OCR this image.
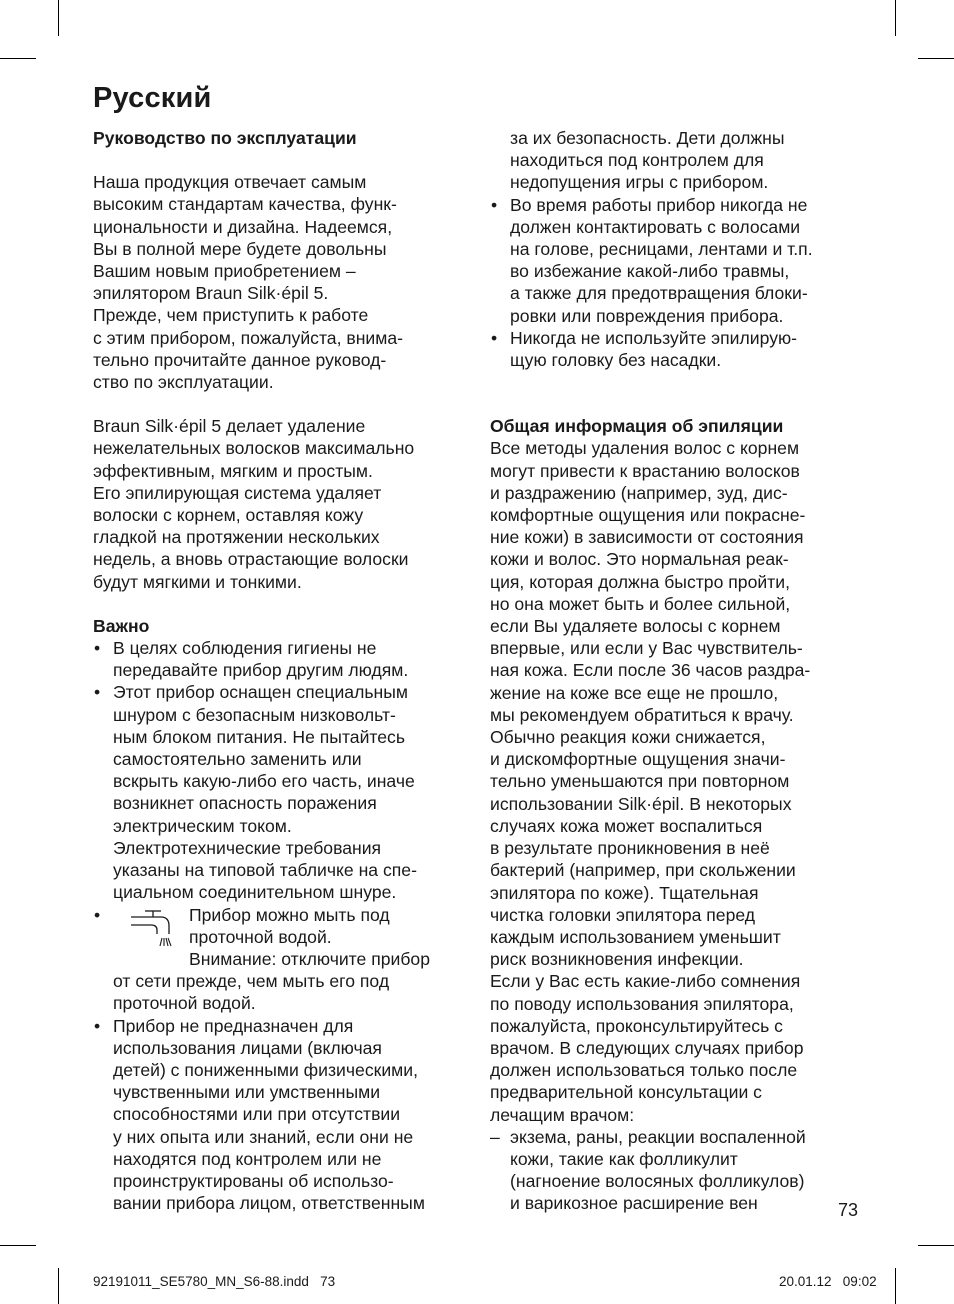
Русский

Руководство по эксплуатации

Наша продукция отвечает самым

высоким стандартам качества, функ-

циональности и дизайна. Надеемся,

Вы в полной мере будете довольны

Вашим новым приобретением –

эпилятором Braun Silk·épil 5.

Прежде, чем приступить к работе

с этим прибором, пожалуйста, внима-

тельно прочитайте данное руковод-

ство по эксплуатации.

Braun Silk·épil 5 делает удаление

нежелательных волосков максимально

эффективным, мягким и простым.

Его эпилирующая система удаляет

волоски с корнем, оставляя кожу

гладкой на протяжении нескольких

недель, а вновь отрастающие волоски

будут мягкими и тонкими.

Важно

• В целях соблюдения гигиены не

передавайте прибор другим людям.

• Этот прибор оснащен специальным

шнуром с безопасным низковольт-

ным блоком питания. Не пытайтесь

самостоятельно заменить или

вскрыть какую-либо его часть, иначе

возникнет опасность поражения

электрическим током.

Электротехнические требования

указаны на типовой табличке на спе-

циальном соединительном шнуре.

•	Прибор можно мыть под

проточной водой.

Внимание: отключите прибор

от сети прежде, чем мыть его под

проточной водой.

• Прибор не предназначен для

использования лицами (включая

детей) с пониженными физическими,

чувственными или умственными

способностями или при отсутствии

у них опыта или знаний, если они не

находятся под контролем или не

проинструктированы об использо-

вании прибора лицом, ответственным

за их безопасность. Дети должны

находиться под контролем для

недопущения игры с прибором.

• Во время работы прибор никогда не

должен контактировать с волосами

на голове, ресницами, лентами и т.п.

во избежание какой-либо травмы,

а также для предотвращения блоки-

ровки или повреждения прибора.

• Никогда не используйте эпилирую-

щую головку без насадки.

Общая информация об эпиляции

Все методы удаления волос с корнем

могут привести к врастанию волосков

и раздражению (например, зуд, дис-

комфортные ощущения или покрасне-

ние кожи) в зависимости от состояния

кожи и волос. Это нормальная реак-

ция, которая должна быстро пройти,

но она может быть и более сильной,

если Вы удаляете волосы с корнем

впервые, или если у Вас чувствитель-

ная кожа. Если после 36 часов раздра-

жение на коже все еще не прошло,

мы рекомендуем обратиться к врачу.

Обычно реакция кожи снижается,

и дискомфортные ощущения значи-

тельно уменьшаются при повторном

использовании Silk·épil. В некоторых

случаях кожа может воспалиться

в результате проникновения в неё

бактерий (например, при скольжении

эпилятора по коже). Тщательная

чистка головки эпилятора перед

каждым использованием уменьшит

риск возникновения инфекции.

Если у Вас есть какие-либо сомнения

по поводу использования эпилятора,

пожалуйста, проконсультируйтесь с

врачом. В следующих случаях прибор

должен использоваться только после

предварительной консультации с

лечащим врачом:

– экзема, раны, реакции воспаленной

кожи, такие как фолликулит

(нагноение волосяных фолликулов)

и варикозное расширение вен	73
92191011_SE5780_MN_S6-88.indd   73	20.01.12   09:02
